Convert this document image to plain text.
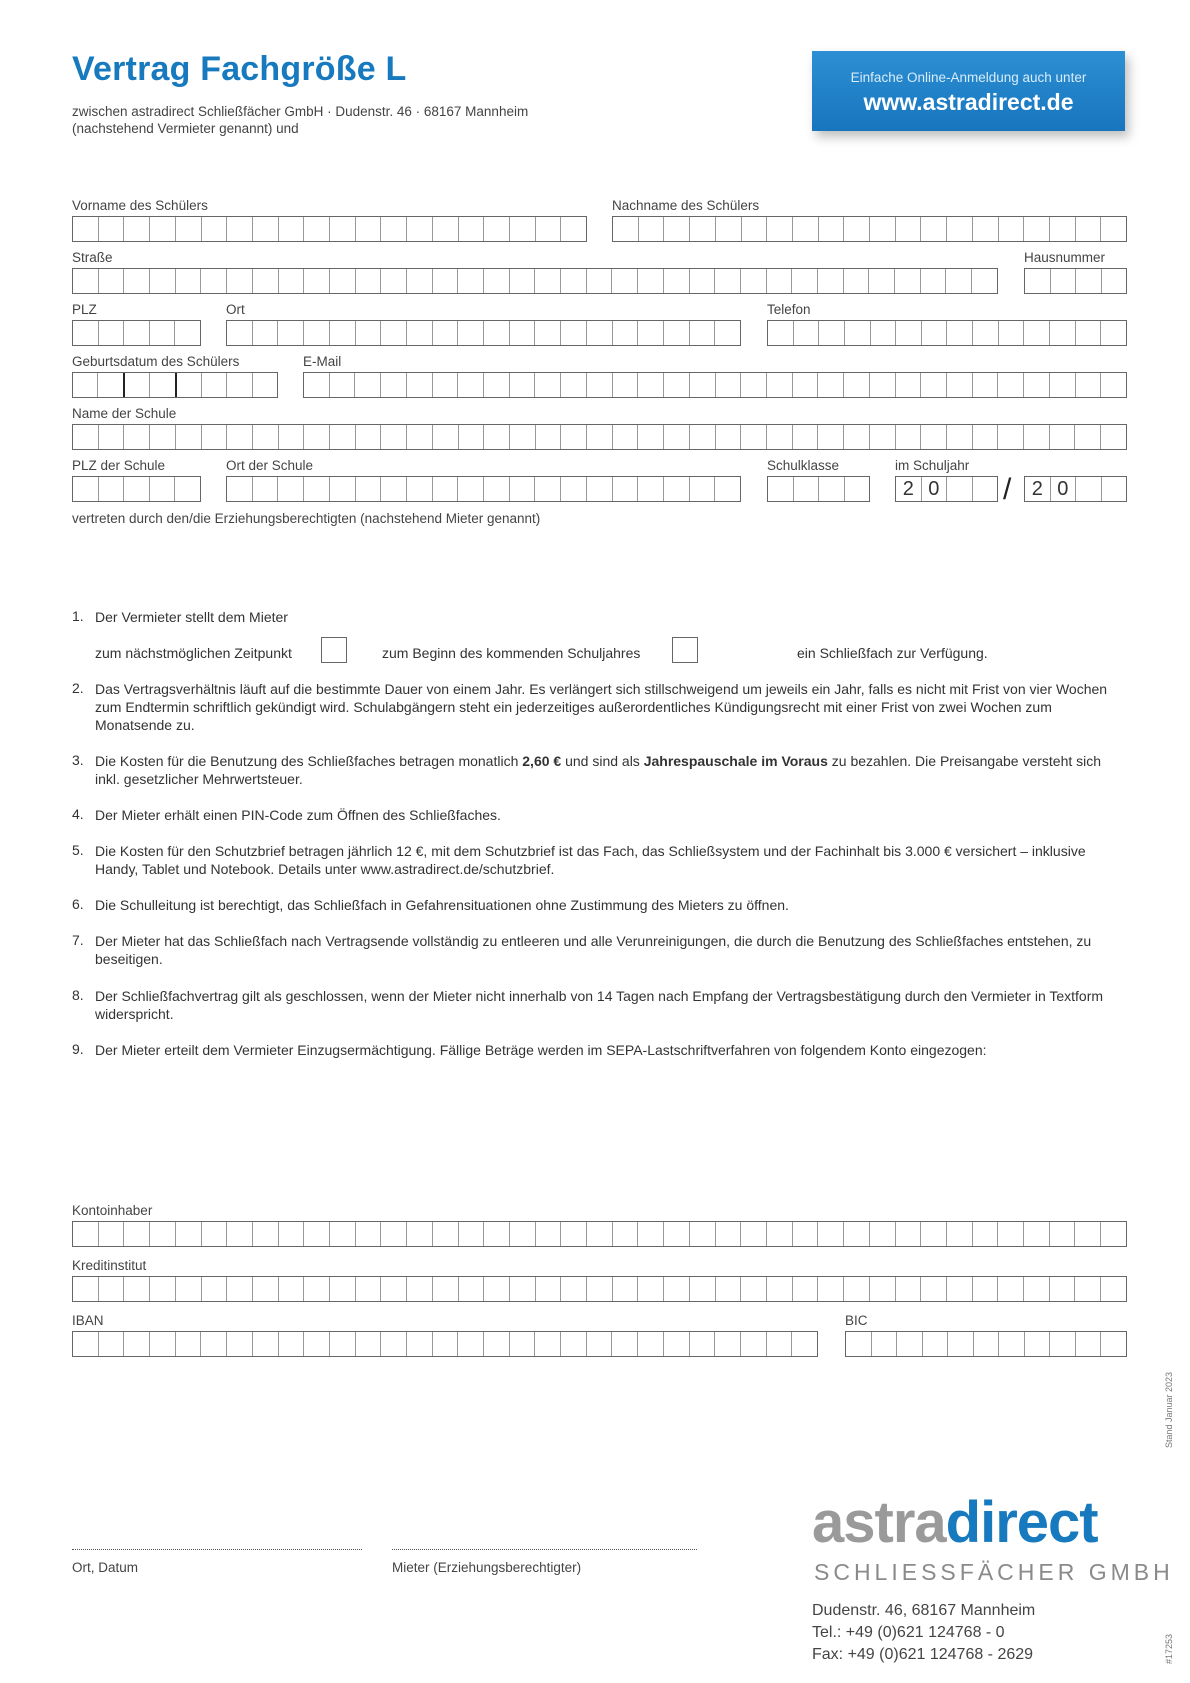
Vertrag Fachgröße L
zwischen astradirect Schließfächer GmbH · Dudenstr. 46 · 68167 Mannheim
(nachstehend Vermieter genannt) und
Einfache Online-Anmeldung auch unter
www.astradirect.de
Vorname des Schülers	Nachname des Schülers
Straße	Hausnummer
PLZ	Ort	Telefon
Geburtsdatum des Schülers	E-Mail
Name der Schule
PLZ der Schule	Ort der Schule	Schulklasse	im Schuljahr
2 0 /	2 0
vertreten durch den/die Erziehungsberechtigten (nachstehend Mieter genannt)
1. Der Vermieter stellt dem Mieter
zum nächstmöglichen Zeitpunkt	zum Beginn des kommenden Schuljahres	ein Schließfach zur Verfügung.
2. Das Vertragsverhältnis läuft auf die bestimmte Dauer von einem Jahr. Es verlängert sich stillschweigend um jeweils ein Jahr, falls es nicht mit Frist von vier Wochen zum Endtermin schriftlich gekündigt wird. Schulabgängern steht ein jederzeitiges außerordentliches Kündigungsrecht mit einer Frist von zwei Wochen zum Monatsende zu.
3. Die Kosten für die Benutzung des Schließfaches betragen monatlich 2,60 € und sind als Jahrespauschale im Voraus zu bezahlen. Die Preisangabe versteht sich inkl. gesetzlicher Mehrwertsteuer.
4. Der Mieter erhält einen PIN-Code zum Öffnen des Schließfaches.
5. Die Kosten für den Schutzbrief betragen jährlich 12 €, mit dem Schutzbrief ist das Fach, das Schließsystem und der Fachinhalt bis 3.000 € versichert – inklusive Handy, Tablet und Notebook. Details unter www.astradirect.de/schutzbrief.
6. Die Schulleitung ist berechtigt, das Schließfach in Gefahrensituationen ohne Zustimmung des Mieters zu öffnen.
7. Der Mieter hat das Schließfach nach Vertragsende vollständig zu entleeren und alle Verunreinigungen, die durch die Benutzung des Schließfaches entstehen, zu beseitigen.
8. Der Schließfachvertrag gilt als geschlossen, wenn der Mieter nicht innerhalb von 14 Tagen nach Empfang der Vertragsbestätigung durch den Vermieter in Textform widerspricht.
9. Der Mieter erteilt dem Vermieter Einzugsermächtigung. Fällige Beträge werden im SEPA-Lastschriftverfahren von folgendem Konto eingezogen:
Kontoinhaber
Kreditinstitut
IBAN	BIC
Ort, Datum	Mieter (Erziehungsberechtigter)
astradirect
SCHLIESSFÄCHER GMBH
Dudenstr. 46, 68167 Mannheim
Tel.: +49 (0)621 124768 - 0
Fax: +49 (0)621 124768 - 2629
Stand Januar 2023
#17253
